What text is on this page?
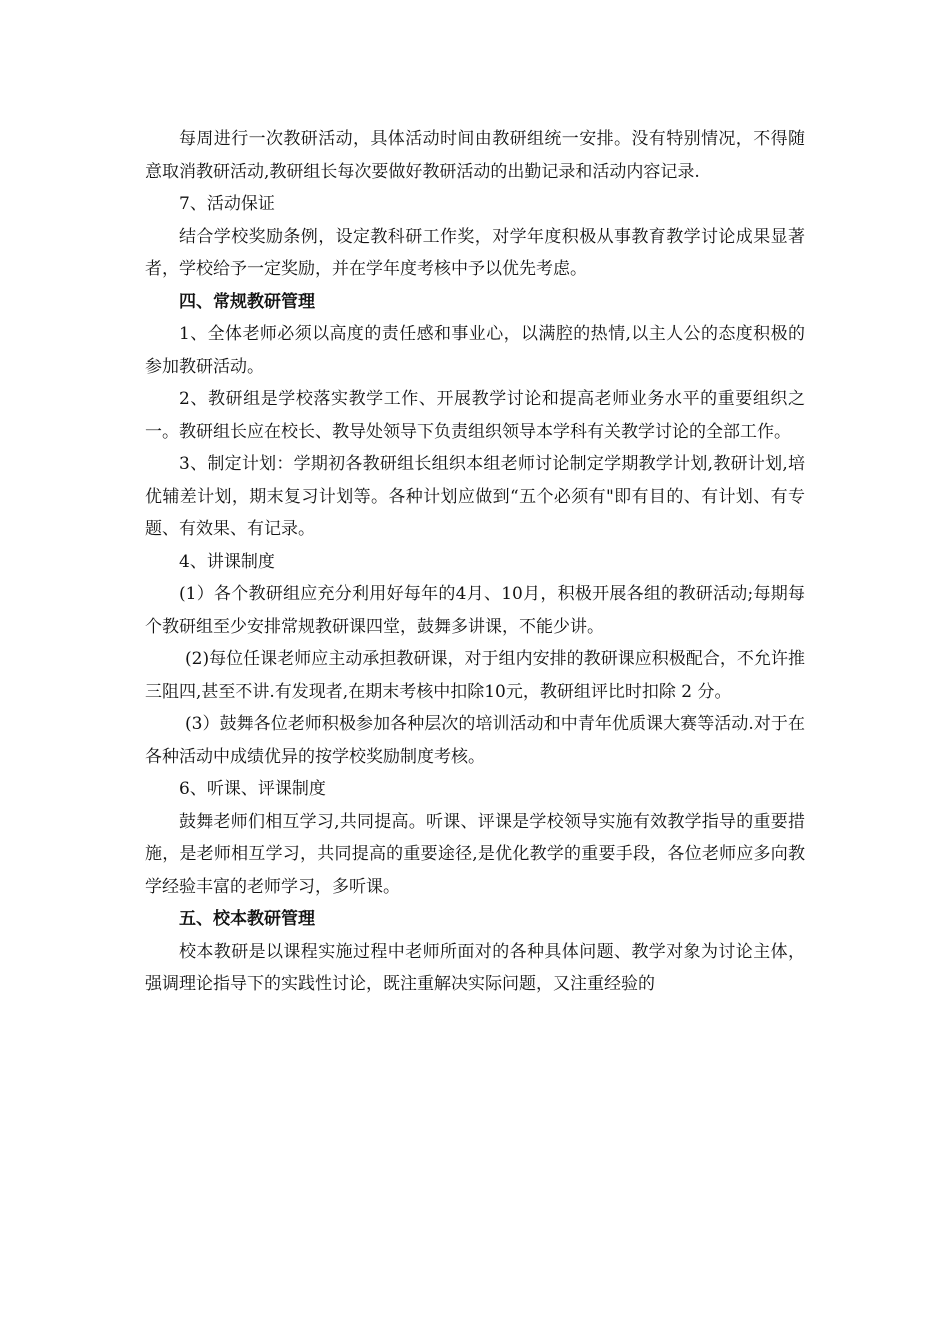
每周进行一次教研活动，具体活动时间由教研组统一安排。没有特别情况，不得随意取消教研活动,教研组长每次要做好教研活动的出勤记录和活动内容记录.

7、活动保证

结合学校奖励条例，设定教科研工作奖，对学年度积极从事教育教学讨论成果显著者，学校给予一定奖励，并在学年度考核中予以优先考虑。

四、常规教研管理

1、全体老师必须以高度的责任感和事业心，以满腔的热情,以主人公的态度积极的参加教研活动。

2、教研组是学校落实教学工作、开展教学讨论和提高老师业务水平的重要组织之一。教研组长应在校长、教导处领导下负责组织领导本学科有关教学讨论的全部工作。

3、制定计划：学期初各教研组长组织本组老师讨论制定学期教学计划,教研计划,培优辅差计划，期末复习计划等。各种计划应做到“五个必须有"即有目的、有计划、有专题、有效果、有记录。

4、讲课制度

(1）各个教研组应充分利用好每年的4月、10月，积极开展各组的教研活动;每期每个教研组至少安排常规教研课四堂，鼓舞多讲课，不能少讲。

(2)每位任课老师应主动承担教研课，对于组内安排的教研课应积极配合，不允许推三阻四,甚至不讲.有发现者,在期末考核中扣除10元，教研组评比时扣除 2 分。

(3）鼓舞各位老师积极参加各种层次的培训活动和中青年优质课大赛等活动.对于在各种活动中成绩优异的按学校奖励制度考核。

6、听课、评课制度

鼓舞老师们相互学习,共同提高。听课、评课是学校领导实施有效教学指导的重要措施，是老师相互学习，共同提高的重要途径,是优化教学的重要手段，各位老师应多向教学经验丰富的老师学习，多听课。

五、校本教研管理

校本教研是以课程实施过程中老师所面对的各种具体问题、教学对象为讨论主体，强调理论指导下的实践性讨论，既注重解决实际问题，又注重经验的
